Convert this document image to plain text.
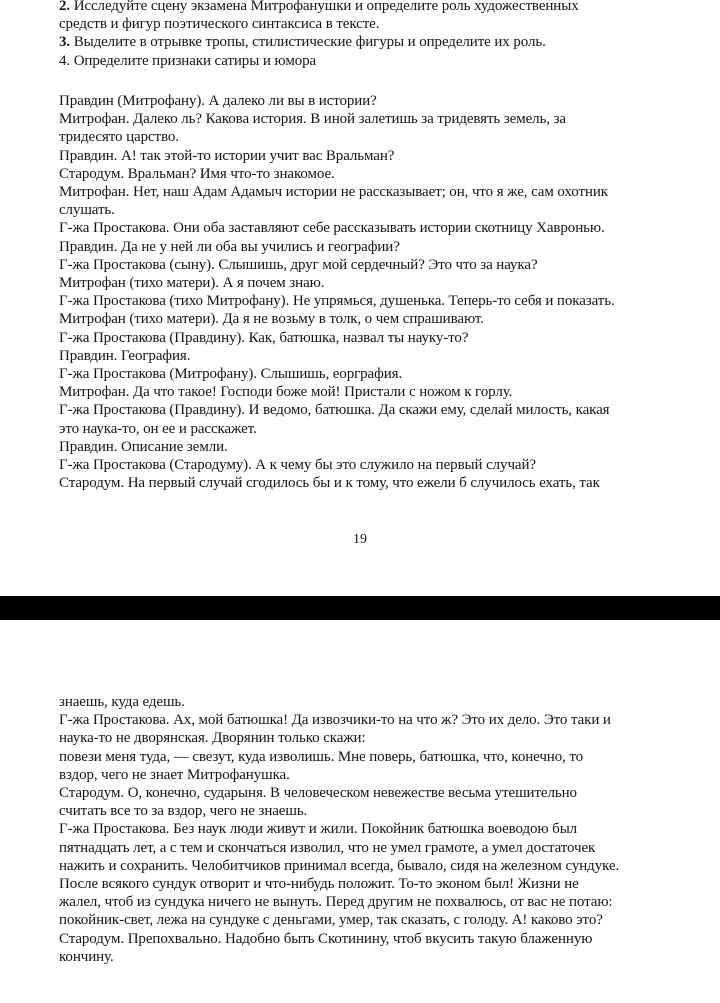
2. Исследуйте сцену экзамена Митрофанушки и определите роль художественных
средств и фигур поэтического синтаксиса в тексте.
3. Выделите в отрывке тропы, стилистические фигуры и определите их роль.
4. Определите признаки сатиры и юмора
Правдин (Митрофану). А далеко ли вы в истории?
Митрофан. Далеко ль? Какова история. В иной залетишь за тридевять земель, за
тридесято царство.
Правдин. А! так этой-то истории учит вас Вральман?
Стародум. Вральман? Имя что-то знакомое.
Митрофан. Нет, наш Адам Адамыч истории не рассказывает; он, что я же, сам охотник
слушать.
Г-жа Простакова. Они оба заставляют себе рассказывать истории скотницу Хавронью.
Правдин. Да не у ней ли оба вы учились и географии?
Г-жа Простакова (сыну). Слышишь, друг мой сердечный? Это что за наука?
Митрофан (тихо матери). А я почем знаю.
Г-жа Простакова (тихо Митрофану). Не упрямься, душенька. Теперь-то себя и показать.
Митрофан (тихо матери). Да я не возьму в толк, о чем спрашивают.
Г-жа Простакова (Правдину). Как, батюшка, назвал ты науку-то?
Правдин. География.
Г-жа Простакова (Митрофану). Слышишь, еорграфия.
Митрофан. Да что такое! Господи боже мой! Пристали с ножом к горлу.
Г-жа Простакова (Правдину). И ведомо, батюшка. Да скажи ему, сделай милость, какая
это наука-то, он ее и расскажет.
Правдин. Описание земли.
Г-жа Простакова (Стародуму). А к чему бы это служило на первый случай?
Стародум. На первый случай сгодилось бы и к тому, что ежели б случилось ехать, так
19
знаешь, куда едешь.
Г-жа Простакова. Ах, мой батюшка! Да извозчики-то на что ж? Это их дело. Это таки и
наука-то не дворянская. Дворянин только скажи:
повези меня туда, — свезут, куда изволишь. Мне поверь, батюшка, что, конечно, то
вздор, чего не знает Митрофанушка.
Стародум. О, конечно, сударыня. В человеческом невежестве весьма утешительно
считать все то за вздор, чего не знаешь.
Г-жа Простакова. Без наук люди живут и жили. Покойник батюшка воеводою был
пятнадцать лет, а с тем и скончаться изволил, что не умел грамоте, а умел достаточек
нажить и сохранить. Челобитчиков принимал всегда, бывало, сидя на железном сундуке.
После всякого сундук отворит и что-нибудь положит. То-то эконом был! Жизни не
жалел, чтоб из сундука ничего не вынуть. Перед другим не похвалюсь, от вас не потаю:
покойник-свет, лежа на сундуке с деньгами, умер, так сказать, с голоду. А! каково это?
Стародум. Препохвально. Надобно быть Скотинину, чтоб вкусить такую блаженную
кончину.
